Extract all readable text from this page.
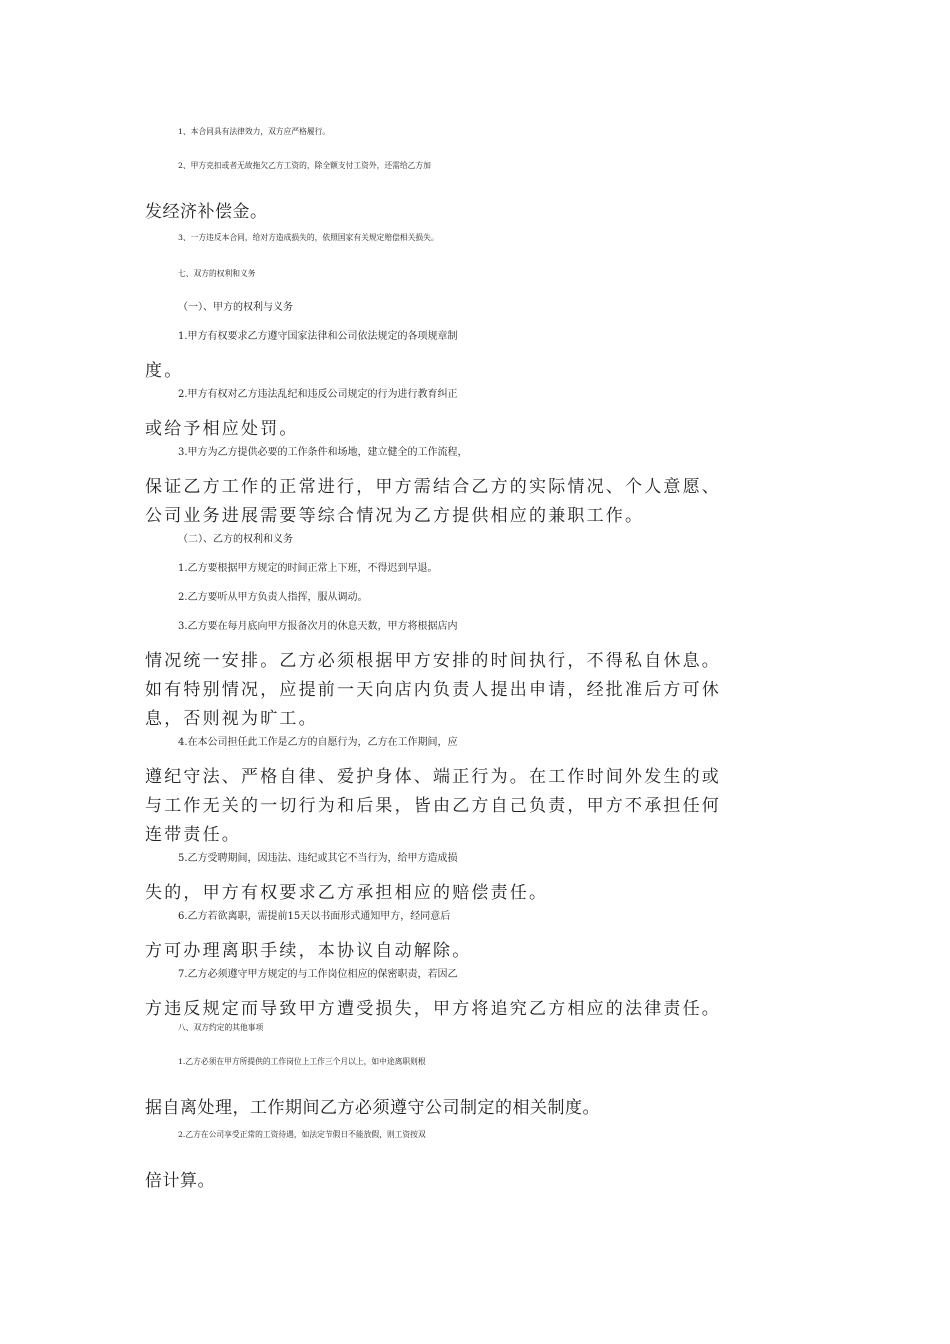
1、本合同具有法律效力，双方应严格履行。

2、甲方克扣或者无故拖欠乙方工资的，除全额支付工资外，还需给乙方加

发经济补偿金。

3、一方违反本合同，给对方造成损失的，依照国家有关规定赔偿相关损失。

七、双方的权利和义务

（一）、甲方的权利与义务

1.甲方有权要求乙方遵守国家法律和公司依法规定的各项规章制

度。

2.甲方有权对乙方违法乱纪和违反公司规定的行为进行教育纠正

或给予相应处罚。

3.甲方为乙方提供必要的工作条件和场地，建立健全的工作流程，

保证乙方工作的正常进行，甲方需结合乙方的实际情况、个人意愿、

公司业务进展需要等综合情况为乙方提供相应的兼职工作。

（二）、乙方的权利和义务

1.乙方要根据甲方规定的时间正常上下班，不得迟到早退。

2.乙方要听从甲方负责人指挥，服从调动。

3.乙方要在每月底向甲方报备次月的休息天数，甲方将根据店内

情况统一安排。乙方必须根据甲方安排的时间执行，不得私自休息。

如有特别情况，应提前一天向店内负责人提出申请，经批准后方可休

息，否则视为旷工。

4.在本公司担任此工作是乙方的自愿行为，乙方在工作期间，应

遵纪守法、严格自律、爱护身体、端正行为。在工作时间外发生的或

与工作无关的一切行为和后果，皆由乙方自己负责，甲方不承担任何

连带责任。

5.乙方受聘期间，因违法、违纪或其它不当行为，给甲方造成损

失的，甲方有权要求乙方承担相应的赔偿责任。

6.乙方若欲离职，需提前15天以书面形式通知甲方，经同意后

方可办理离职手续，本协议自动解除。

7.乙方必须遵守甲方规定的与工作岗位相应的保密职责，若因乙

方违反规定而导致甲方遭受损失，甲方将追究乙方相应的法律责任。

八、双方约定的其他事项

1.乙方必须在甲方所提供的工作岗位上工作三个月以上，如中途离职则根

据自离处理，工作期间乙方必须遵守公司制定的相关制度。

2.乙方在公司享受正常的工资待遇，如法定节假日不能放假，则工资按双

倍计算。
